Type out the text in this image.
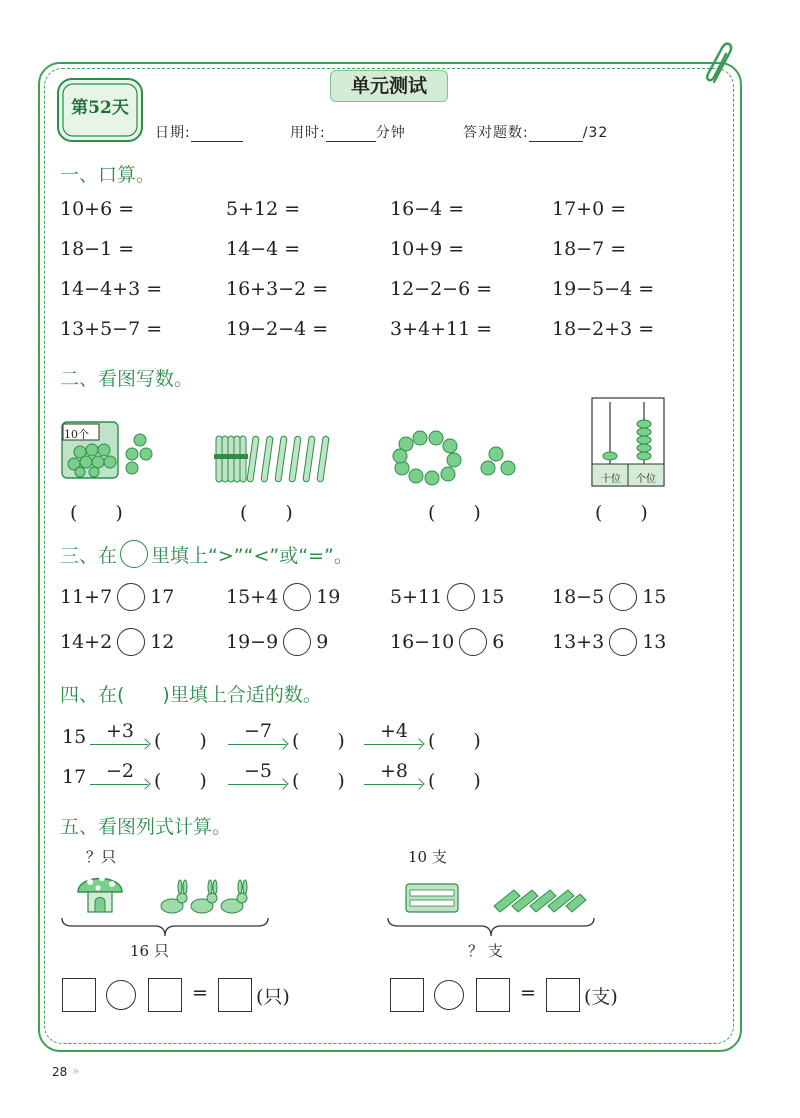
单元测试
第52天
日期:	用时:	分钟	答对题数:	/32
一、口算。
10+6 =	5+12 =	16−4 =	17+0 =
18−1 =	14−4 =	10+9 =	18−7 =
14−4+3 =	16+3−2 =	12−2−6 =	19−5−4 =
13+5−7 =	19−2−4 =	3+4+11 =	18−2+3 =
二、看图写数。
10个
十位	个位
(　　)	(　　)	(　　)	(　　)
三、在 里填上“>”“<”或“=”。
11+7 17	15+4 19	5+11 15	18−5 15
14+2 12	19−9 9	16−10 6	13+3 13
四、在(　　)里填上合适的数。
15	+3	(　　)	−7	(　　)	+4	(　　)
17	−2	(　　)	−5	(　　)	+8	(　　)
五、看图列式计算。
？只
16 只
10 支
？ 支
=	(只)	=	(支)
28 »
